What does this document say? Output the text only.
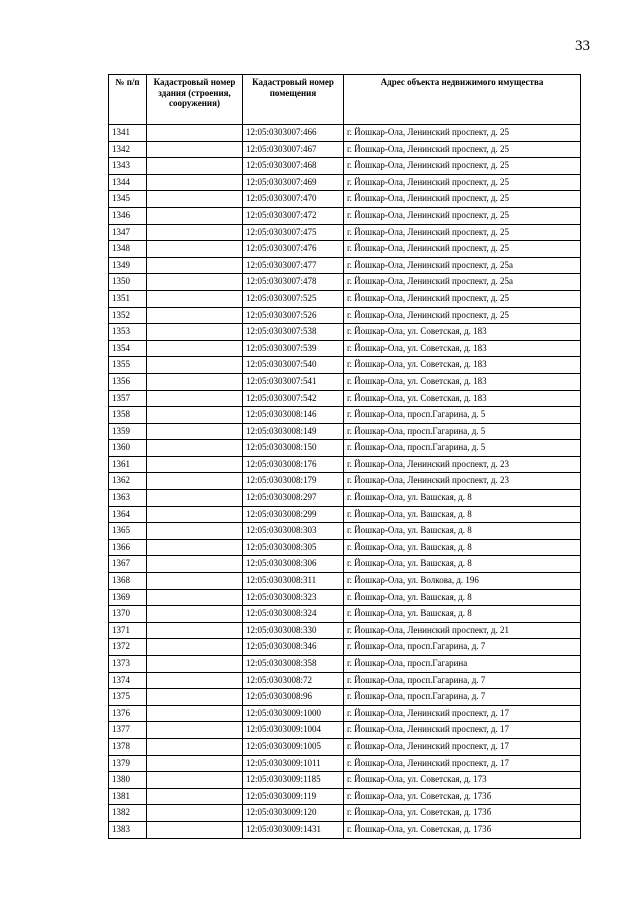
33
№ п/п	Кадастровый номер здания (строения, сооружения)	Кадастровый номер помещения	Адрес объекта недвижимого имущества
1341		12:05:0303007:466	г. Йошкар-Ола, Ленинский проспект, д. 25
1342		12:05:0303007:467	г. Йошкар-Ола, Ленинский проспект, д. 25
1343		12:05:0303007:468	г. Йошкар-Ола, Ленинский проспект, д. 25
1344		12:05:0303007:469	г. Йошкар-Ола, Ленинский проспект, д. 25
1345		12:05:0303007:470	г. Йошкар-Ола, Ленинский проспект, д. 25
1346		12:05:0303007:472	г. Йошкар-Ола, Ленинский проспект, д. 25
1347		12:05:0303007:475	г. Йошкар-Ола, Ленинский проспект, д. 25
1348		12:05:0303007:476	г. Йошкар-Ола, Ленинский проспект, д. 25
1349		12:05:0303007:477	г. Йошкар-Ола, Ленинский проспект, д. 25а
1350		12:05:0303007:478	г. Йошкар-Ола, Ленинский проспект, д. 25а
1351		12:05:0303007:525	г. Йошкар-Ола, Ленинский проспект, д. 25
1352		12:05:0303007:526	г. Йошкар-Ола, Ленинский проспект, д. 25
1353		12:05:0303007:538	г. Йошкар-Ола, ул. Советская, д. 183
1354		12:05:0303007:539	г. Йошкар-Ола, ул. Советская, д. 183
1355		12:05:0303007:540	г. Йошкар-Ола, ул. Советская, д. 183
1356		12:05:0303007:541	г. Йошкар-Ола, ул. Советская, д. 183
1357		12:05:0303007:542	г. Йошкар-Ола, ул. Советская, д. 183
1358		12:05:0303008:146	г. Йошкар-Ола, просп.Гагарина, д. 5
1359		12:05:0303008:149	г. Йошкар-Ола, просп.Гагарина, д. 5
1360		12:05:0303008:150	г. Йошкар-Ола, просп.Гагарина, д. 5
1361		12:05:0303008:176	г. Йошкар-Ола, Ленинский проспект, д. 23
1362		12:05:0303008:179	г. Йошкар-Ола, Ленинский проспект, д. 23
1363		12:05:0303008:297	г. Йошкар-Ола, ул. Вашская, д. 8
1364		12:05:0303008:299	г. Йошкар-Ола, ул. Вашская, д. 8
1365		12:05:0303008:303	г. Йошкар-Ола, ул. Вашская, д. 8
1366		12:05:0303008:305	г. Йошкар-Ола, ул. Вашская, д. 8
1367		12:05:0303008:306	г. Йошкар-Ола, ул. Вашская, д. 8
1368		12:05:0303008:311	г. Йошкар-Ола, ул. Волкова, д. 196
1369		12:05:0303008:323	г. Йошкар-Ола, ул. Вашская, д. 8
1370		12:05:0303008:324	г. Йошкар-Ола, ул. Вашская, д. 8
1371		12:05:0303008:330	г. Йошкар-Ола, Ленинский проспект, д. 21
1372		12:05:0303008:346	г. Йошкар-Ола, просп.Гагарина, д. 7
1373		12:05:0303008:358	г. Йошкар-Ола, просп.Гагарина
1374		12:05:0303008:72	г. Йошкар-Ола, просп.Гагарина, д. 7
1375		12:05:0303008:96	г. Йошкар-Ола, просп.Гагарина, д. 7
1376		12:05:0303009:1000	г. Йошкар-Ола, Ленинский проспект, д. 17
1377		12:05:0303009:1004	г. Йошкар-Ола, Ленинский проспект, д. 17
1378		12:05:0303009:1005	г. Йошкар-Ола, Ленинский проспект, д. 17
1379		12:05:0303009:1011	г. Йошкар-Ола, Ленинский проспект, д. 17
1380		12:05:0303009:1185	г. Йошкар-Ола, ул. Советская, д. 173
1381		12:05:0303009:119	г. Йошкар-Ола, ул. Советская, д. 173б
1382		12:05:0303009:120	г. Йошкар-Ола, ул. Советская, д. 173б
1383		12:05:0303009:1431	г. Йошкар-Ола, ул. Советская, д. 173б
